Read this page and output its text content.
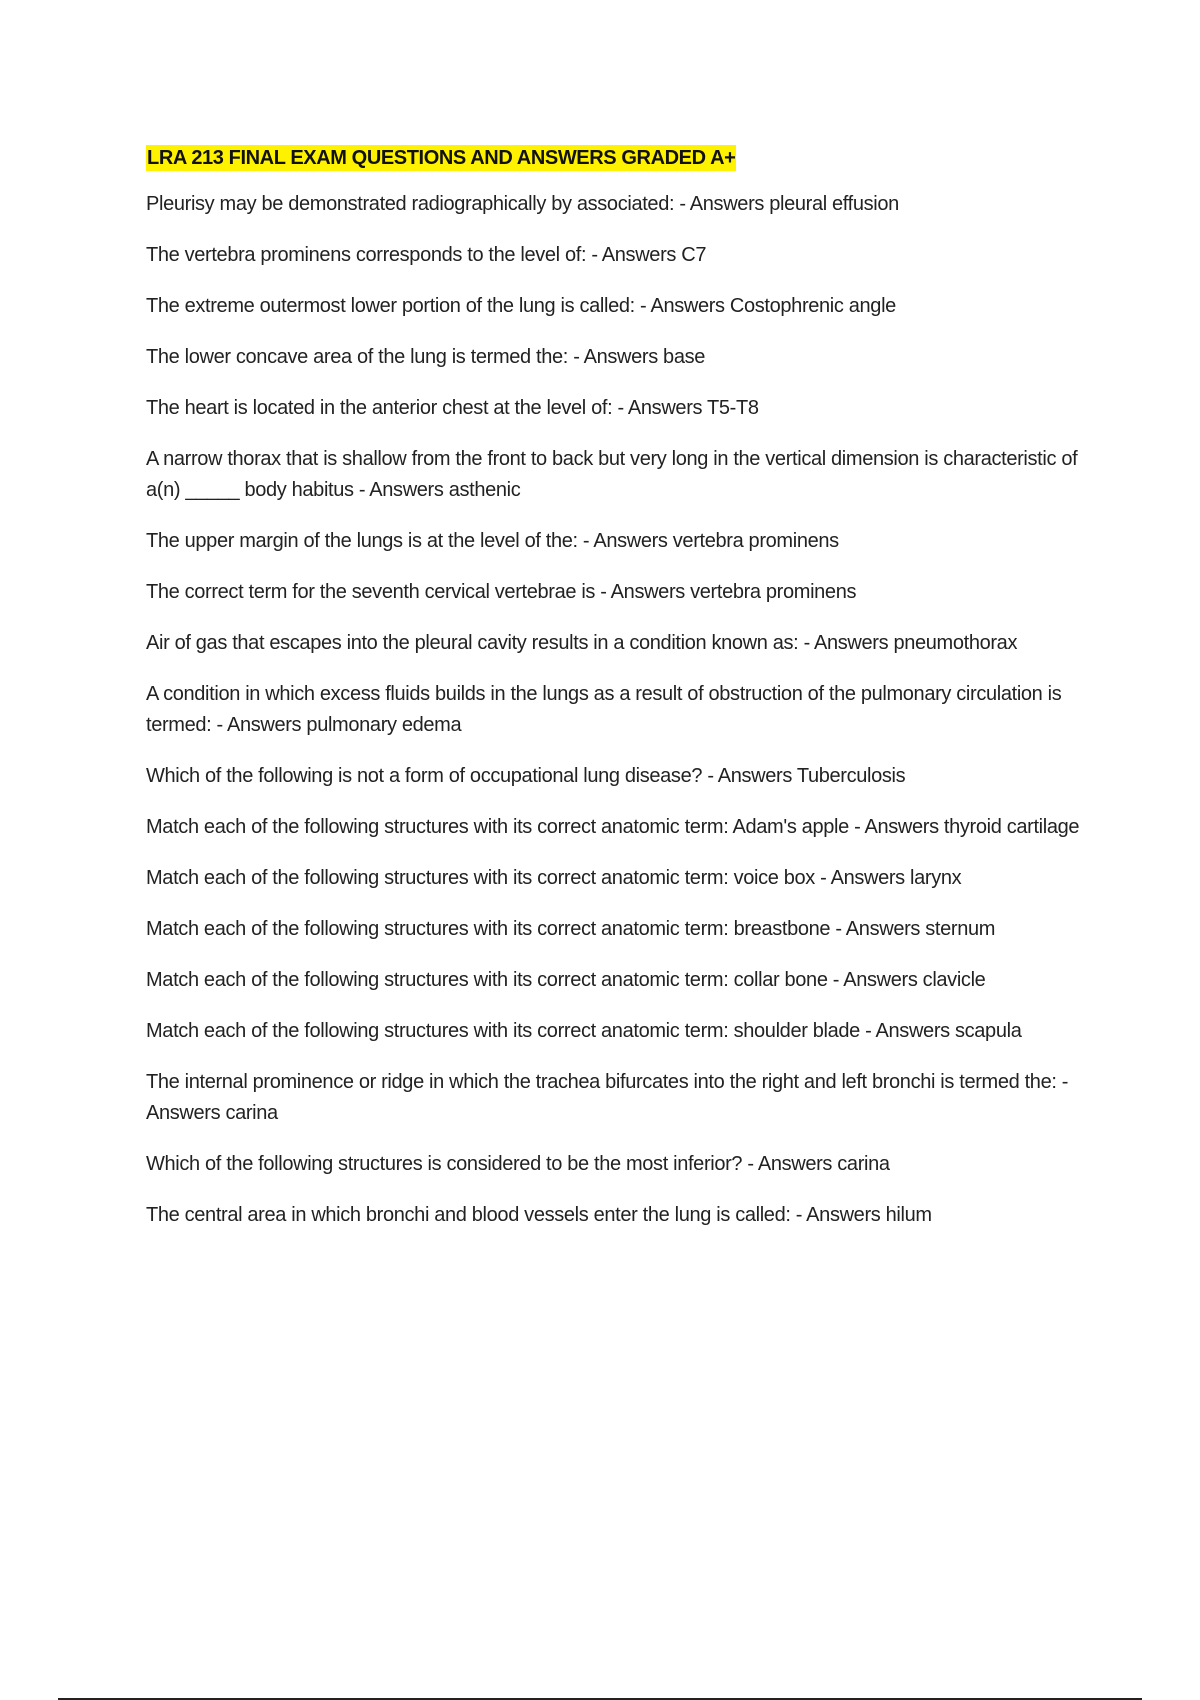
LRA 213 FINAL EXAM QUESTIONS AND ANSWERS GRADED A+
Pleurisy may be demonstrated radiographically by associated: - Answers pleural effusion
The vertebra prominens corresponds to the level of: - Answers C7
The extreme outermost lower portion of the lung is called: - Answers Costophrenic angle
The lower concave area of the lung is termed the: - Answers base
The heart is located in the anterior chest at the level of: - Answers T5-T8
A narrow thorax that is shallow from the front to back but very long in the vertical dimension is characteristic of a(n) _____ body habitus - Answers asthenic
The upper margin of the lungs is at the level of the: - Answers vertebra prominens
The correct term for the seventh cervical vertebrae is - Answers vertebra prominens
Air of gas that escapes into the pleural cavity results in a condition known as: - Answers pneumothorax
A condition in which excess fluids builds in the lungs as a result of obstruction of the pulmonary circulation is termed: - Answers pulmonary edema
Which of the following is not a form of occupational lung disease? - Answers Tuberculosis
Match each of the following structures with its correct anatomic term: Adam's apple - Answers thyroid cartilage
Match each of the following structures with its correct anatomic term: voice box - Answers larynx
Match each of the following structures with its correct anatomic term: breastbone - Answers sternum
Match each of the following structures with its correct anatomic term: collar bone - Answers clavicle
Match each of the following structures with its correct anatomic term: shoulder blade - Answers scapula
The internal prominence or ridge in which the trachea bifurcates into the right and left bronchi is termed the: - Answers carina
Which of the following structures is considered to be the most inferior? - Answers carina
The central area in which bronchi and blood vessels enter the lung is called: - Answers hilum
